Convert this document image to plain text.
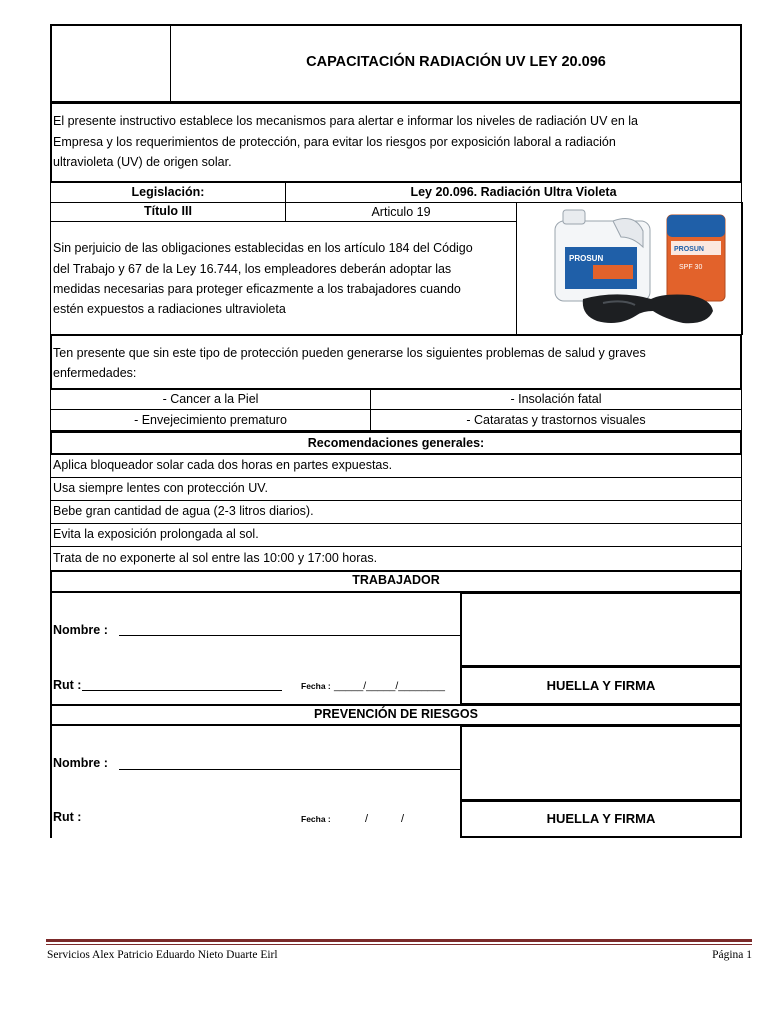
CAPACITACIÓN RADIACIÓN UV LEY 20.096
El presente instructivo establece los mecanismos para alertar e informar los niveles de radiación UV en la
Empresa y los requerimientos de protección, para evitar los riesgos por exposición laboral a radiación
ultravioleta (UV) de origen solar.
Legislación:	Ley 20.096. Radiación Ultra Violeta
Título III	Articulo 19
Sin perjuicio de las obligaciones establecidas en los artículo 184 del Código
del Trabajo y 67 de la Ley 16.744, los empleadores deberán adoptar las
medidas necesarias para proteger eficazmente a los trabajadores cuando
estén expuestos a radiaciones ultravioleta
PROSUN
PROSUN
SPF 30
Ten presente que sin este tipo de protección pueden generarse los siguientes problemas de salud y graves
enfermedades:
- Cancer a la Piel	- Insolación fatal
- Envejecimiento prematuro	- Cataratas y trastornos visuales
Recomendaciones generales:
Aplica bloqueador solar cada dos horas en partes expuestas.
Usa siempre lentes con protección UV.
Bebe gran cantidad de agua (2-3 litros diarios).
Evita la exposición prolongada al sol.
Trata de no exponerte al sol entre las 10:00 y 17:00 horas.
TRABAJADOR
HUELLA Y FIRMA
Nombre :
Rut :	Fecha : _____/_____/________
PREVENCIÓN DE RIESGOS
HUELLA Y FIRMA
Nombre :
Rut :	Fecha :	/	/
Servicios Alex Patricio Eduardo Nieto Duarte Eirl	Página 1
